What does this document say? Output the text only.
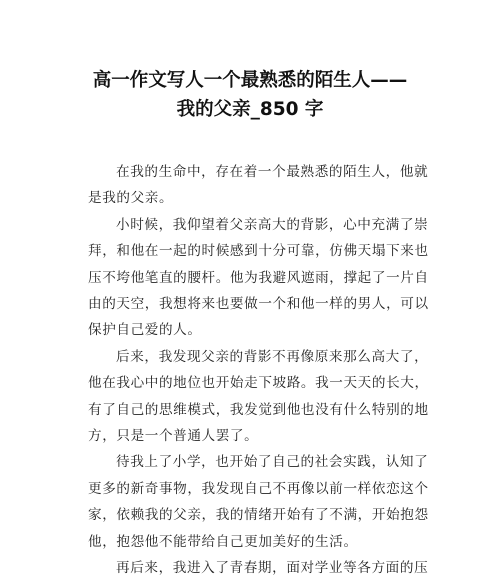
高一作文写人一个最熟悉的陌生人——
我的父亲_850 字

在我的生命中，存在着一个最熟悉的陌生人，他就
是我的父亲。

小时候，我仰望着父亲高大的背影，心中充满了崇
拜，和他在一起的时候感到十分可靠，仿佛天塌下来也
压不垮他笔直的腰杆。他为我避风遮雨，撑起了一片自
由的天空，我想将来也要做一个和他一样的男人，可以
保护自己爱的人。

后来，我发现父亲的背影不再像原来那么高大了，
他在我心中的地位也开始走下坡路。我一天天的长大，
有了自己的思维模式，我发觉到他也没有什么特别的地
方，只是一个普通人罢了。

待我上了小学，也开始了自己的社会实践，认知了
更多的新奇事物，我发现自己不再像以前一样依恋这个
家，依赖我的父亲，我的情绪开始有了不满，开始抱怨
他，抱怨他不能带给自己更加美好的生活。

再后来，我进入了青春期，面对学业等各方面的压
